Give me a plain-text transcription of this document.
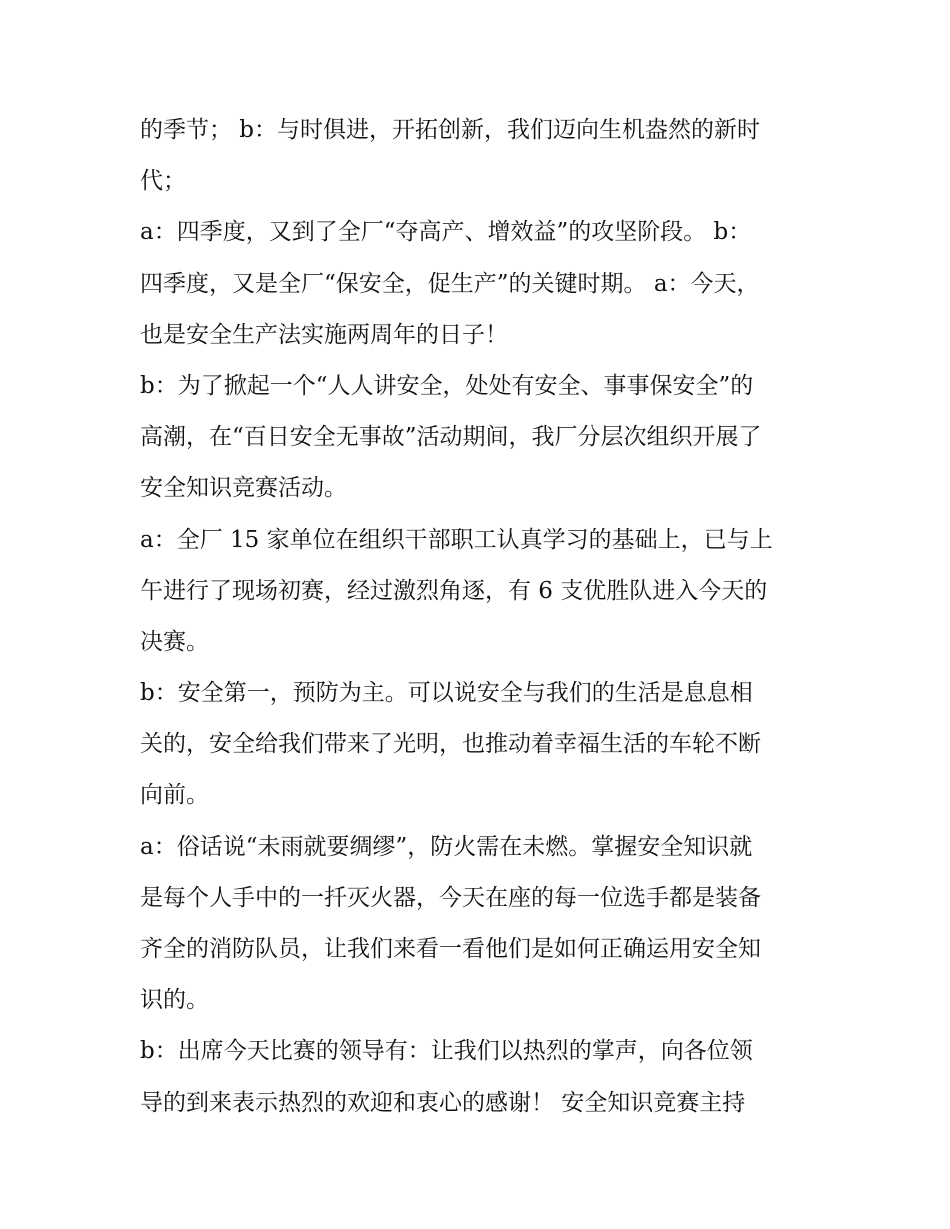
的季节； b：与时俱进，开拓创新，我们迈向生机盎然的新时
代；
a：四季度，又到了全厂“夺高产、增效益”的攻坚阶段。 b：
四季度，又是全厂“保安全，促生产”的关键时期。 a：今天，
也是安全生产法实施两周年的日子！
b：为了掀起一个“人人讲安全，处处有安全、事事保安全”的
高潮，在“百日安全无事故”活动期间，我厂分层次组织开展了
安全知识竞赛活动。
a：全厂 15 家单位在组织干部职工认真学习的基础上，已与上
午进行了现场初赛，经过激烈角逐，有 6 支优胜队进入今天的
决赛。
b：安全第一，预防为主。可以说安全与我们的生活是息息相
关的，安全给我们带来了光明，也推动着幸福生活的车轮不断
向前。
a：俗话说“未雨就要绸缪”，防火需在未燃。掌握安全知识就
是每个人手中的一扦灭火器，今天在座的每一位选手都是装备
齐全的消防队员，让我们来看一看他们是如何正确运用安全知
识的。
b：出席今天比赛的领导有：让我们以热烈的掌声，向各位领
导的到来表示热烈的欢迎和衷心的感谢！ 安全知识竞赛主持
